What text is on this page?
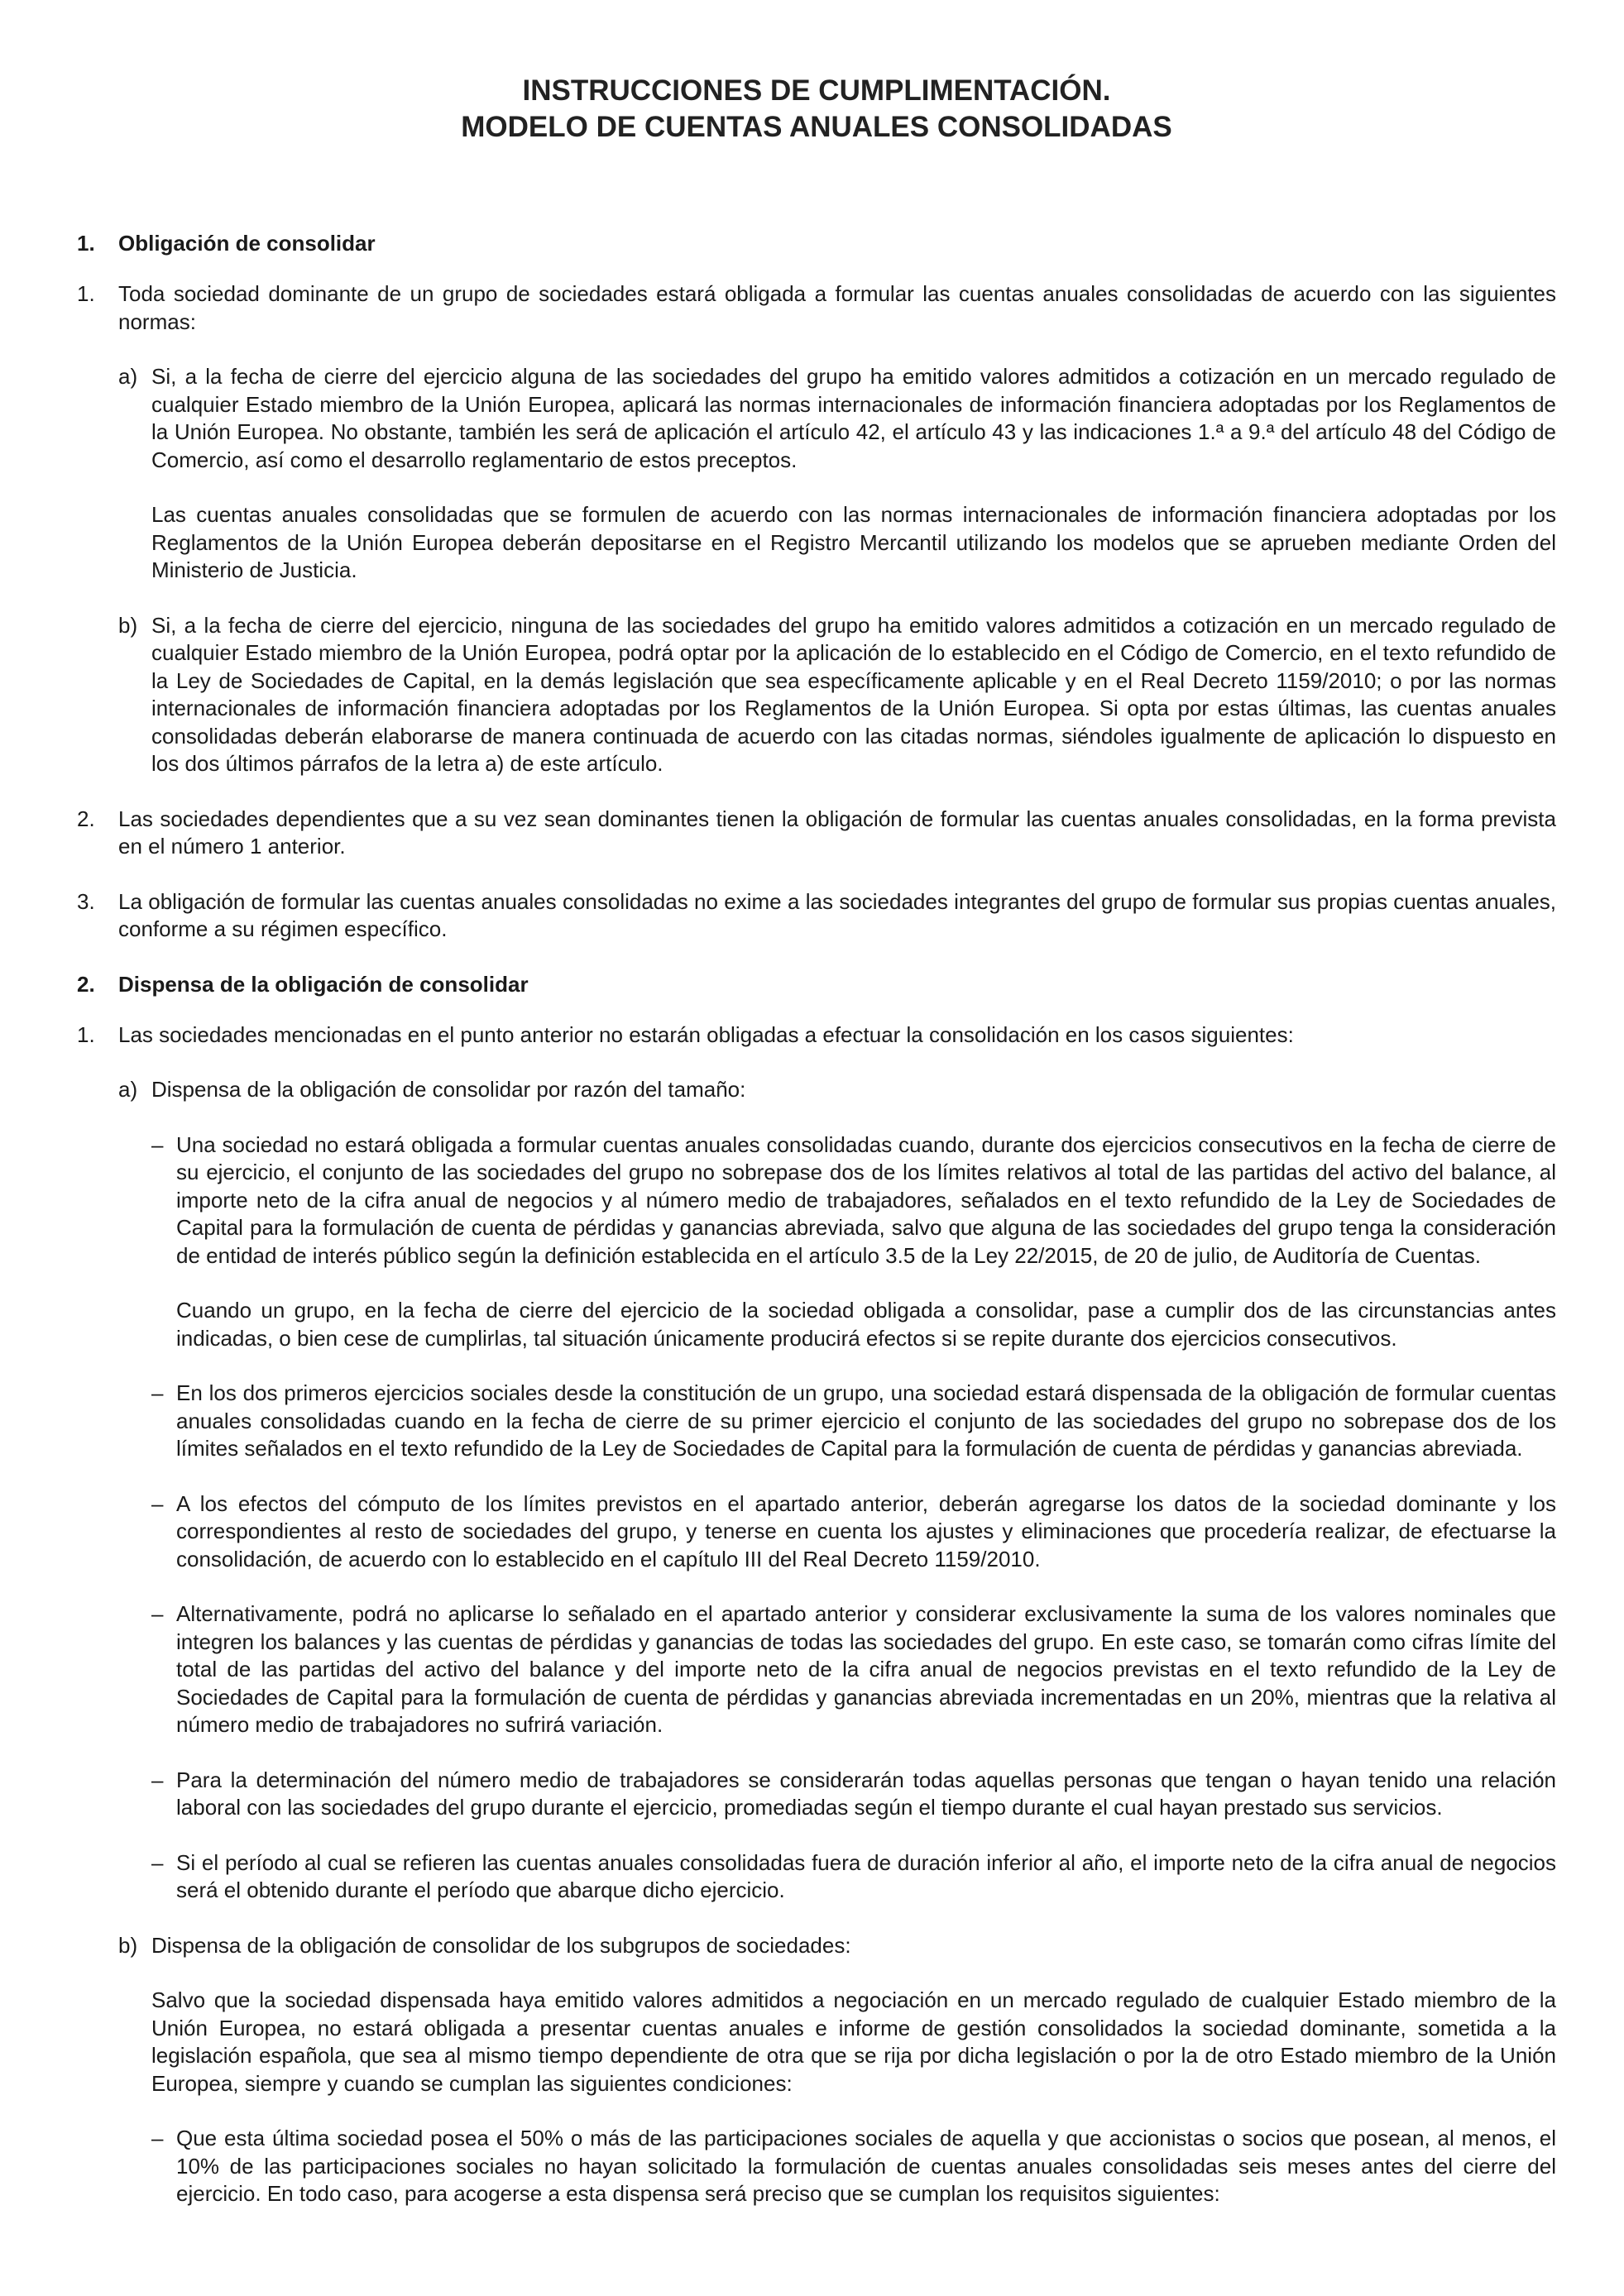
INSTRUCCIONES DE CUMPLIMENTACIÓN.
MODELO DE CUENTAS ANUALES CONSOLIDADAS
1.	Obligación de consolidar
1.	Toda sociedad dominante de un grupo de sociedades estará obligada a formular las cuentas anuales consolidadas de acuerdo con las siguientes normas:

a) Si, a la fecha de cierre del ejercicio alguna de las sociedades del grupo ha emitido valores admitidos a cotización en un mercado regulado de cualquier Estado miembro de la Unión Europea, aplicará las normas internacionales de información financiera adoptadas por los Reglamentos de la Unión Europea. No obstante, también les será de aplicación el artículo 42, el artículo 43 y las indicaciones 1.ª a 9.ª del artículo 48 del Código de Comercio, así como el desarrollo reglamentario de estos preceptos.

Las cuentas anuales consolidadas que se formulen de acuerdo con las normas internacionales de información financiera adoptadas por los Reglamentos de la Unión Europea deberán depositarse en el Registro Mercantil utilizando los modelos que se aprueben mediante Orden del Ministerio de Justicia.

b) Si, a la fecha de cierre del ejercicio, ninguna de las sociedades del grupo ha emitido valores admitidos a cotización en un mercado regulado de cualquier Estado miembro de la Unión Europea, podrá optar por la aplicación de lo establecido en el Código de Comercio, en el texto refundido de la Ley de Sociedades de Capital, en la demás legislación que sea específicamente aplicable y en el Real Decreto 1159/2010; o por las normas internacionales de información financiera adoptadas por los Reglamentos de la Unión Europea. Si opta por estas últimas, las cuentas anuales consolidadas deberán elaborarse de manera continuada de acuerdo con las citadas normas, siéndoles igualmente de aplicación lo dispuesto en los dos últimos párrafos de la letra a) de este artículo.

2.	Las sociedades dependientes que a su vez sean dominantes tienen la obligación de formular las cuentas anuales consolidadas, en la forma prevista en el número 1 anterior.

3.	La obligación de formular las cuentas anuales consolidadas no exime a las sociedades integrantes del grupo de formular sus propias cuentas anuales, conforme a su régimen específico.

2.	Dispensa de la obligación de consolidar
1.	Las sociedades mencionadas en el punto anterior no estarán obligadas a efectuar la consolidación en los casos siguientes:

a) Dispensa de la obligación de consolidar por razón del tamaño:

– Una sociedad no estará obligada a formular cuentas anuales consolidadas cuando, durante dos ejercicios consecutivos en la fecha de cierre de su ejercicio, el conjunto de las sociedades del grupo no sobrepase dos de los límites relativos al total de las partidas del activo del balance, al importe neto de la cifra anual de negocios y al número medio de trabajadores, señalados en el texto refundido de la Ley de Sociedades de Capital para la formulación de cuenta de pérdidas y ganancias abreviada, salvo que alguna de las sociedades del grupo tenga la consideración de entidad de interés público según la definición establecida en el artículo 3.5 de la Ley 22/2015, de 20 de julio, de Auditoría de Cuentas.

Cuando un grupo, en la fecha de cierre del ejercicio de la sociedad obligada a consolidar, pase a cumplir dos de las circunstancias antes indicadas, o bien cese de cumplirlas, tal situación únicamente producirá efectos si se repite durante dos ejercicios consecutivos.

– En los dos primeros ejercicios sociales desde la constitución de un grupo, una sociedad estará dispensada de la obligación de formular cuentas anuales consolidadas cuando en la fecha de cierre de su primer ejercicio el conjunto de las sociedades del grupo no sobrepase dos de los límites señalados en el texto refundido de la Ley de Sociedades de Capital para la formulación de cuenta de pérdidas y ganancias abreviada.

– A los efectos del cómputo de los límites previstos en el apartado anterior, deberán agregarse los datos de la sociedad dominante y los correspondientes al resto de sociedades del grupo, y tenerse en cuenta los ajustes y eliminaciones que procedería realizar, de efectuarse la consolidación, de acuerdo con lo establecido en el capítulo III del Real Decreto 1159/2010.

– Alternativamente, podrá no aplicarse lo señalado en el apartado anterior y considerar exclusivamente la suma de los valores nominales que integren los balances y las cuentas de pérdidas y ganancias de todas las sociedades del grupo. En este caso, se tomarán como cifras límite del total de las partidas del activo del balance y del importe neto de la cifra anual de negocios previstas en el texto refundido de la Ley de Sociedades de Capital para la formulación de cuenta de pérdidas y ganancias abreviada incrementadas en un 20%, mientras que la relativa al número medio de trabajadores no sufrirá variación.

– Para la determinación del número medio de trabajadores se considerarán todas aquellas personas que tengan o hayan tenido una relación laboral con las sociedades del grupo durante el ejercicio, promediadas según el tiempo durante el cual hayan prestado sus servicios.

– Si el período al cual se refieren las cuentas anuales consolidadas fuera de duración inferior al año, el importe neto de la cifra anual de negocios será el obtenido durante el período que abarque dicho ejercicio.

b) Dispensa de la obligación de consolidar de los subgrupos de sociedades:

Salvo que la sociedad dispensada haya emitido valores admitidos a negociación en un mercado regulado de cualquier Estado miembro de la Unión Europea, no estará obligada a presentar cuentas anuales e informe de gestión consolidados la sociedad dominante, sometida a la legislación española, que sea al mismo tiempo dependiente de otra que se rija por dicha legislación o por la de otro Estado miembro de la Unión Europea, siempre y cuando se cumplan las siguientes condiciones:

– Que esta última sociedad posea el 50% o más de las participaciones sociales de aquella y que accionistas o socios que posean, al menos, el 10% de las participaciones sociales no hayan solicitado la formulación de cuentas anuales consolidadas seis meses antes del cierre del ejercicio. En todo caso, para acogerse a esta dispensa será preciso que se cumplan los requisitos siguientes:
